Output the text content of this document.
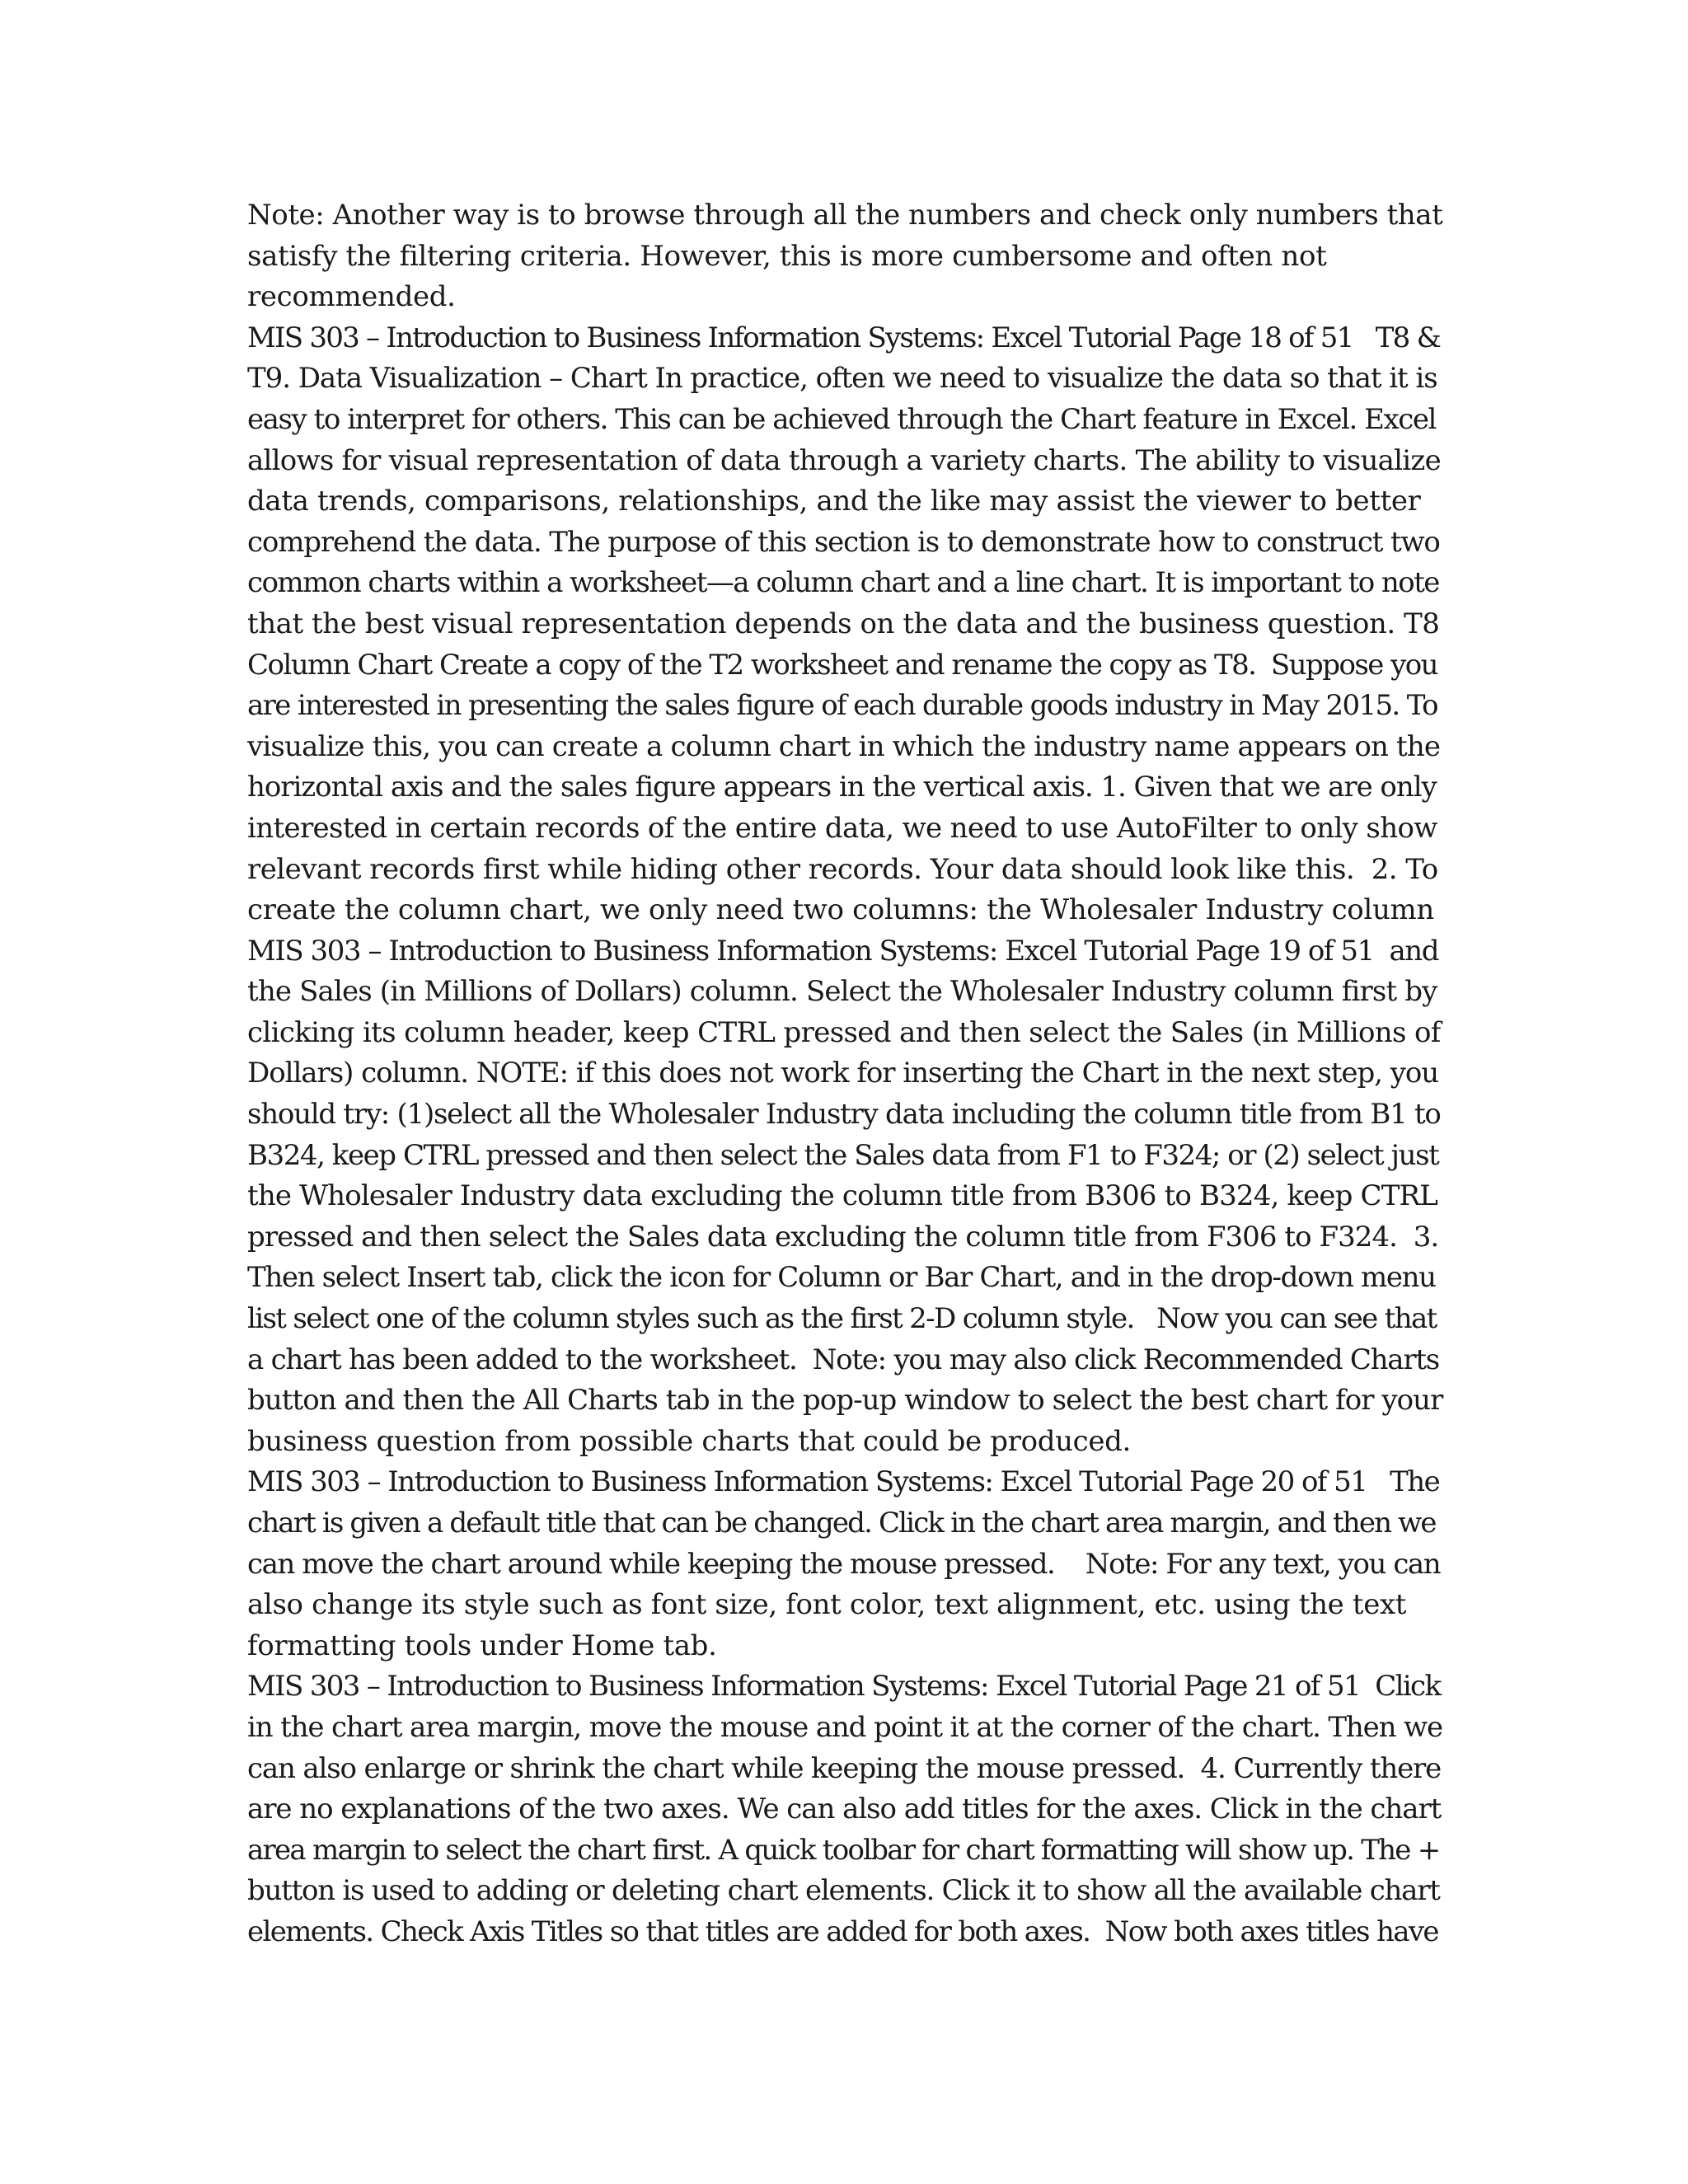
Note: Another way is to browse through all the numbers and check only numbers that
satisfy the filtering criteria. However, this is more cumbersome and often not
recommended.
MIS 303 – Introduction to Business Information Systems: Excel Tutorial Page 18 of 51   T8 &
T9. Data Visualization – Chart In practice, often we need to visualize the data so that it is
easy to interpret for others. This can be achieved through the Chart feature in Excel. Excel
allows for visual representation of data through a variety charts. The ability to visualize
data trends, comparisons, relationships, and the like may assist the viewer to better
comprehend the data. The purpose of this section is to demonstrate how to construct two
common charts within a worksheet—a column chart and a line chart. It is important to note
that the best visual representation depends on the data and the business question. T8
Column Chart Create a copy of the T2 worksheet and rename the copy as T8.  Suppose you
are interested in presenting the sales figure of each durable goods industry in May 2015. To
visualize this, you can create a column chart in which the industry name appears on the
horizontal axis and the sales figure appears in the vertical axis. 1. Given that we are only
interested in certain records of the entire data, we need to use AutoFilter to only show
relevant records first while hiding other records. Your data should look like this.  2. To
create the column chart, we only need two columns: the Wholesaler Industry column
MIS 303 – Introduction to Business Information Systems: Excel Tutorial Page 19 of 51  and
the Sales (in Millions of Dollars) column. Select the Wholesaler Industry column first by
clicking its column header, keep CTRL pressed and then select the Sales (in Millions of
Dollars) column. NOTE: if this does not work for inserting the Chart in the next step, you
should try: (1)select all the Wholesaler Industry data including the column title from B1 to
B324, keep CTRL pressed and then select the Sales data from F1 to F324; or (2) select just
the Wholesaler Industry data excluding the column title from B306 to B324, keep CTRL
pressed and then select the Sales data excluding the column title from F306 to F324.  3.
Then select Insert tab, click the icon for Column or Bar Chart, and in the drop-down menu
list select one of the column styles such as the first 2-D column style.   Now you can see that
a chart has been added to the worksheet.  Note: you may also click Recommended Charts
button and then the All Charts tab in the pop-up window to select the best chart for your
business question from possible charts that could be produced.
MIS 303 – Introduction to Business Information Systems: Excel Tutorial Page 20 of 51   The
chart is given a default title that can be changed. Click in the chart area margin, and then we
can move the chart around while keeping the mouse pressed.    Note: For any text, you can
also change its style such as font size, font color, text alignment, etc. using the text
formatting tools under Home tab.
MIS 303 – Introduction to Business Information Systems: Excel Tutorial Page 21 of 51  Click
in the chart area margin, move the mouse and point it at the corner of the chart. Then we
can also enlarge or shrink the chart while keeping the mouse pressed.  4. Currently there
are no explanations of the two axes. We can also add titles for the axes. Click in the chart
area margin to select the chart first. A quick toolbar for chart formatting will show up. The +
button is used to adding or deleting chart elements. Click it to show all the available chart
elements. Check Axis Titles so that titles are added for both axes.  Now both axes titles have
